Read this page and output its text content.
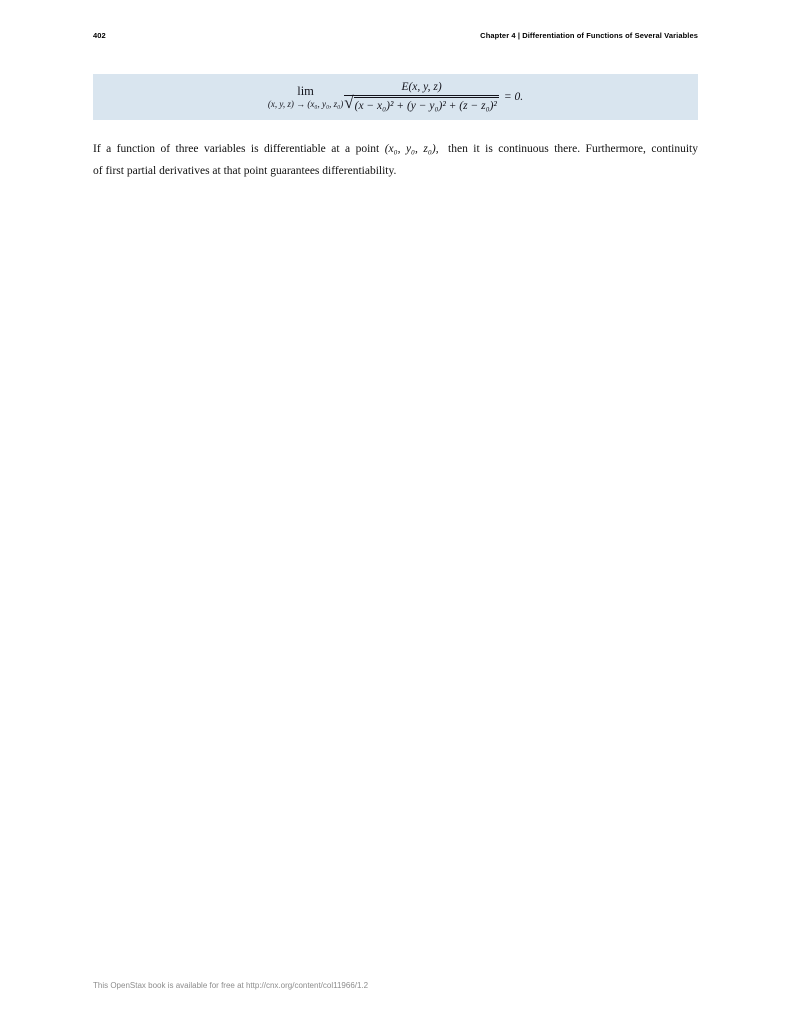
402	Chapter 4 | Differentiation of Functions of Several Variables
lim
(x, y, z) → (x₀, y₀, $z_0) \frac{E(x, y, z)}{\text{√ (x − x₀)² + (y − y₀)² + (z − z₀)²}} = 0$.
If a function of three variables is differentiable at a point (x₀, y₀, z₀), then it is continuous there. Furthermore, continuity
of first partial derivatives at that point guarantees differentiability.
This OpenStax book is available for free at http://cnx.org/content/col11966/1.2
